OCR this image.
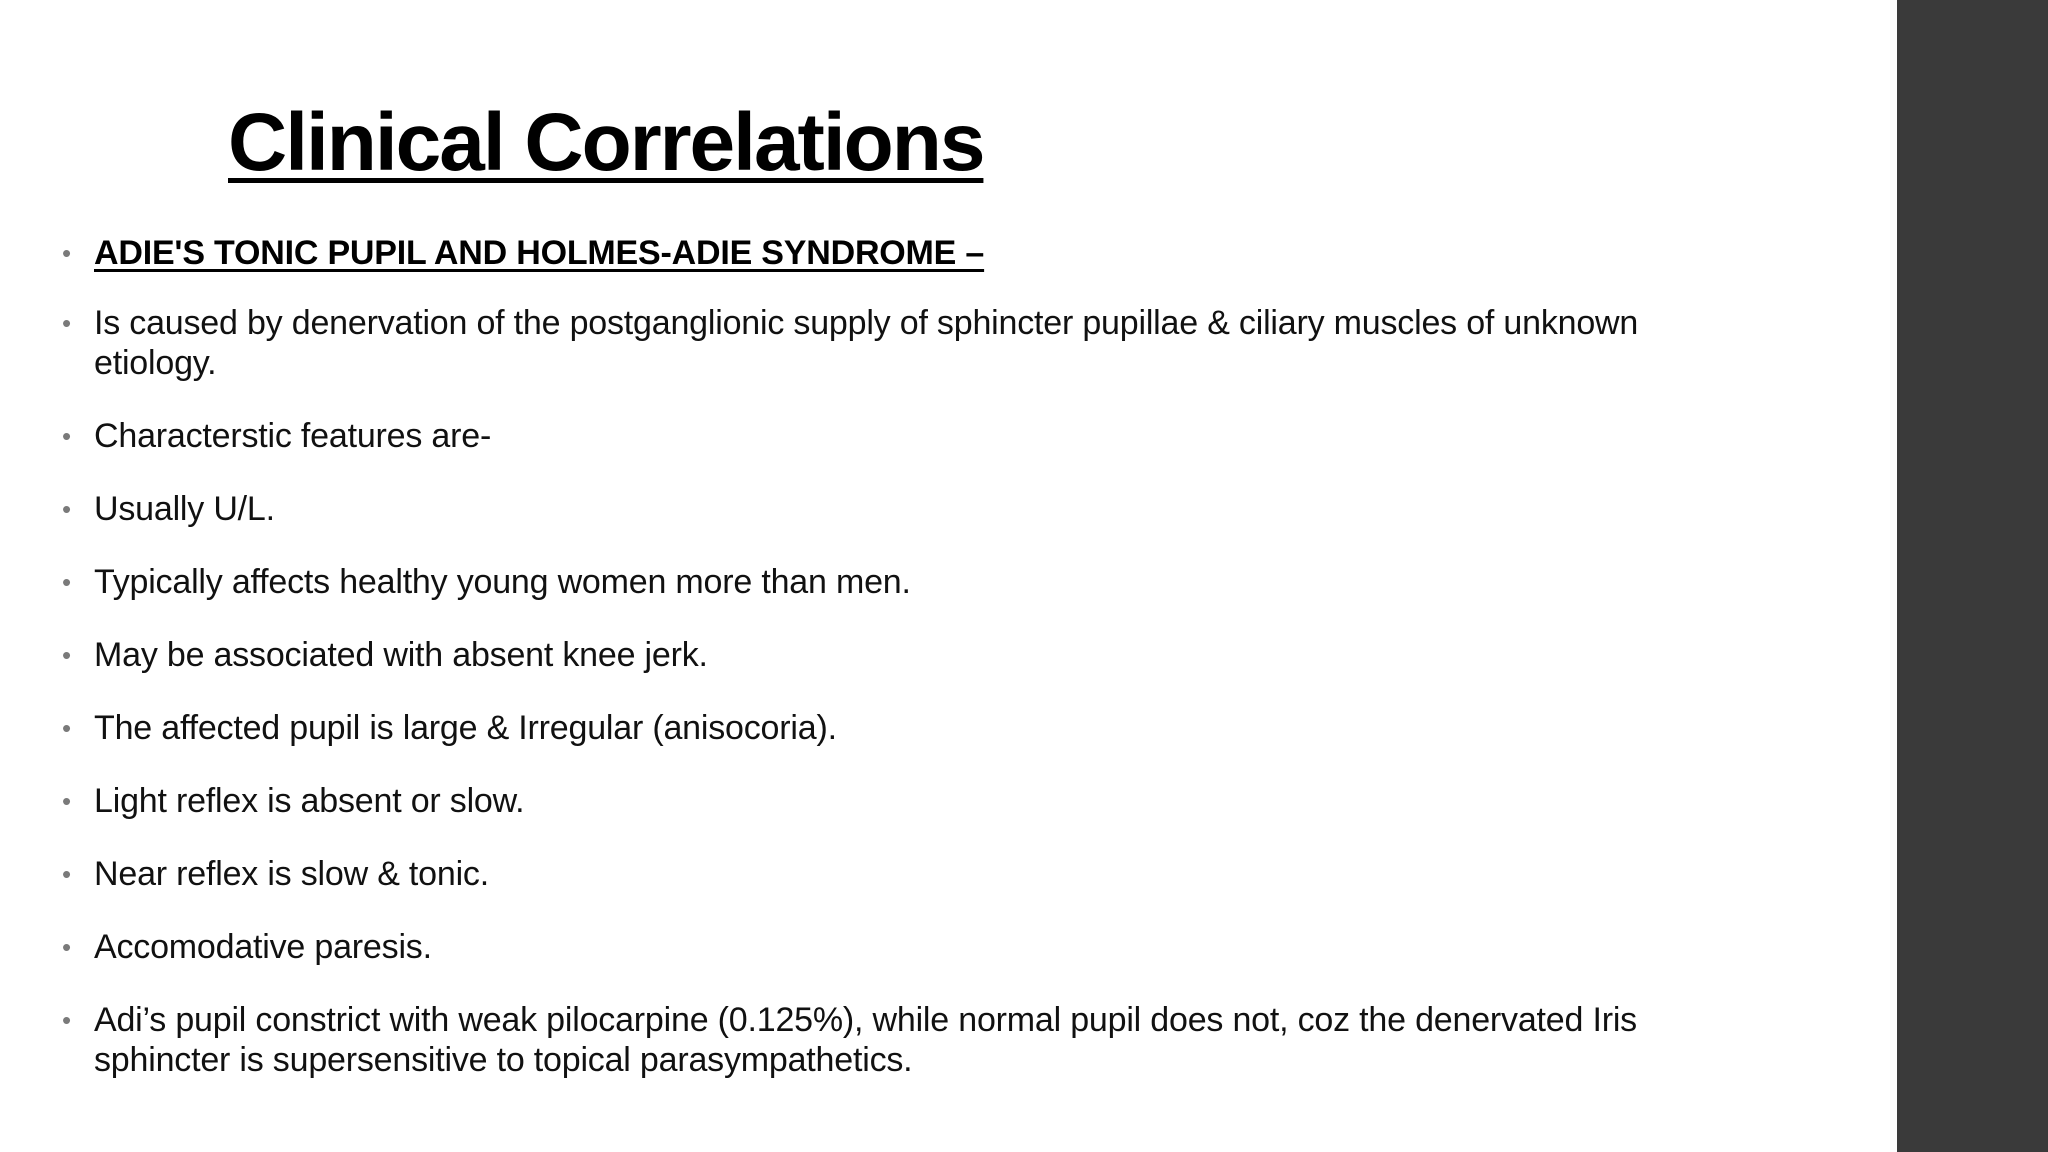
Clinical Correlations
• ADIE'S TONIC PUPIL AND HOLMES-ADIE SYNDROME –
• Is caused by denervation of the postganglionic supply of sphincter pupillae & ciliary muscles of unknown etiology.
• Characterstic features are-
• Usually U/L.
• Typically affects healthy young women more than men.
• May be associated with absent knee jerk.
• The affected pupil is large & Irregular (anisocoria).
• Light reflex is absent or slow.
• Near reflex is slow & tonic.
• Accomodative paresis.
• Adi’s pupil constrict with weak pilocarpine (0.125%), while normal pupil does not, coz the denervated Iris sphincter is supersensitive to topical parasympathetics.
